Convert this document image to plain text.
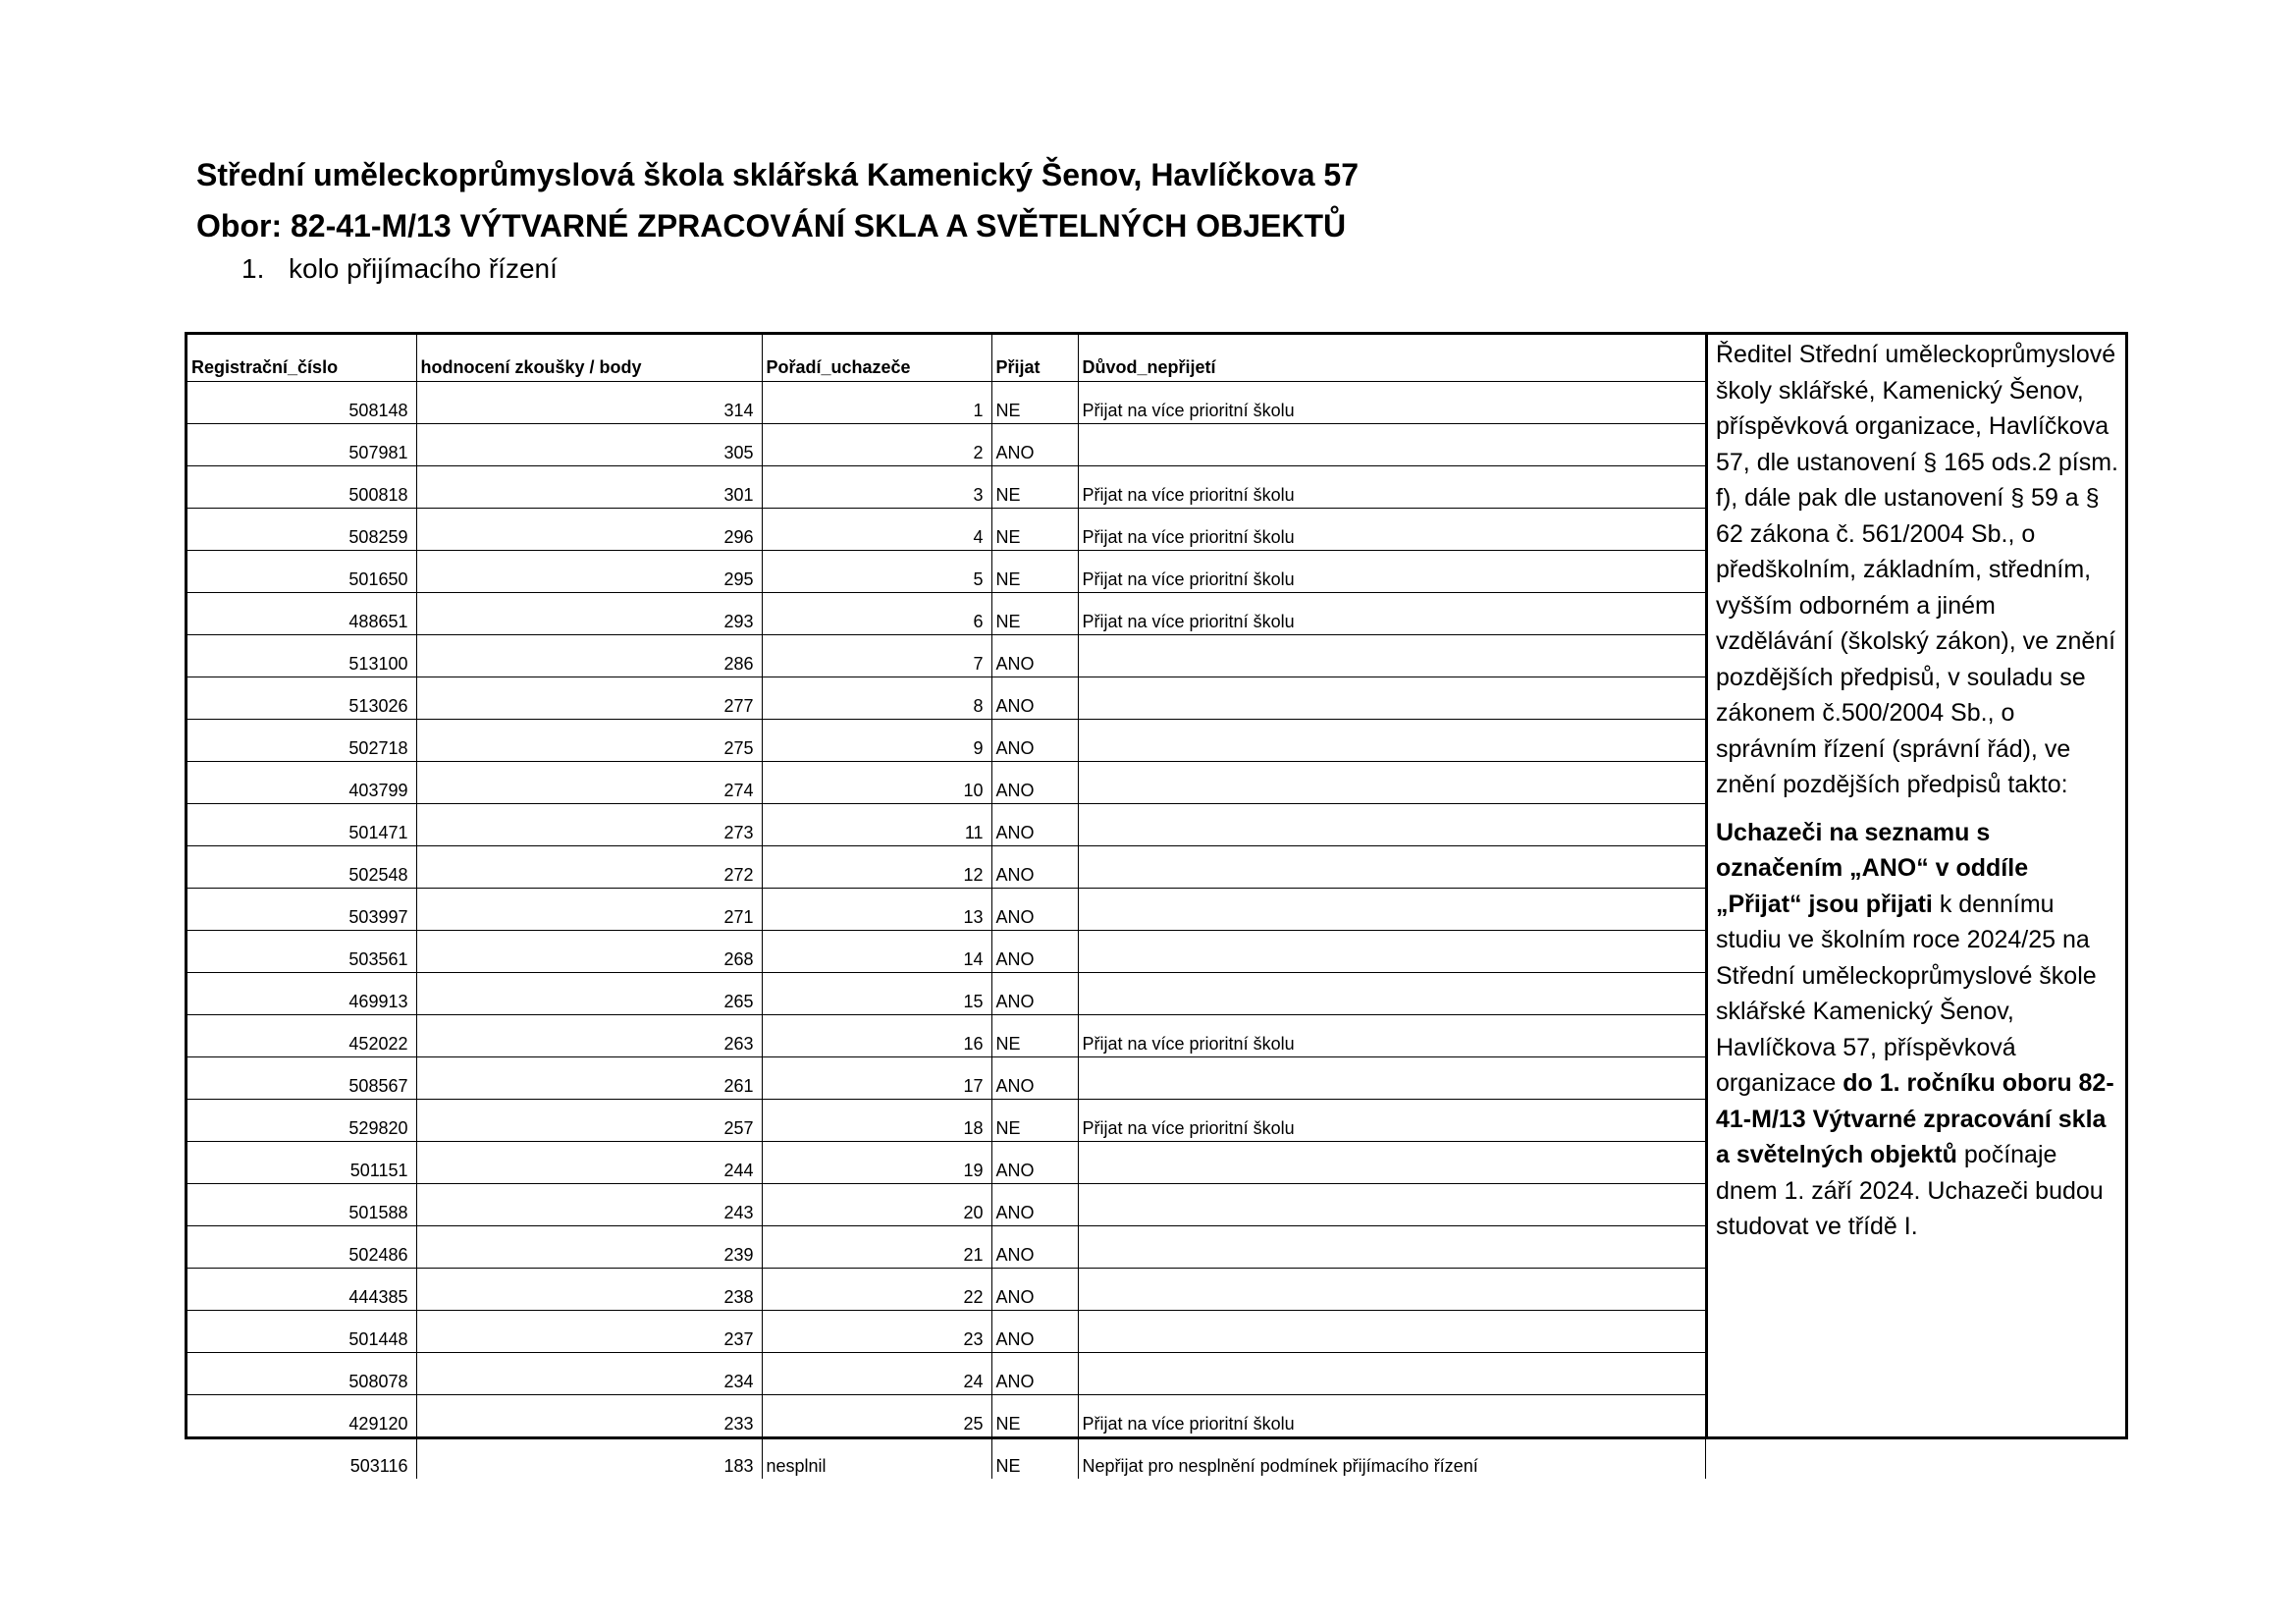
Střední uměleckoprůmyslová škola sklářská Kamenický Šenov, Havlíčkova 57
Obor: 82-41-M/13 VÝTVARNÉ ZPRACOVÁNÍ SKLA A SVĚTELNÝCH OBJEKTŮ
1. kolo přijímacího řízení
Registrační_číslo	hodnocení zkoušky / body	Pořadí_uchazeče	Přijat	Důvod_nepřijetí
508148	314	1	NE	Přijat na více prioritní školu
507981	305	2	ANO	
500818	301	3	NE	Přijat na více prioritní školu
508259	296	4	NE	Přijat na více prioritní školu
501650	295	5	NE	Přijat na více prioritní školu
488651	293	6	NE	Přijat na více prioritní školu
513100	286	7	ANO	
513026	277	8	ANO	
502718	275	9	ANO	
403799	274	10	ANO	
501471	273	11	ANO	
502548	272	12	ANO	
503997	271	13	ANO	
503561	268	14	ANO	
469913	265	15	ANO	
452022	263	16	NE	Přijat na více prioritní školu
508567	261	17	ANO	
529820	257	18	NE	Přijat na více prioritní školu
501151	244	19	ANO	
501588	243	20	ANO	
502486	239	21	ANO	
444385	238	22	ANO	
501448	237	23	ANO	
508078	234	24	ANO	
429120	233	25	NE	Přijat na více prioritní školu
503116	183	nesplnil	NE	Nepřijat pro nesplnění podmínek přijímacího řízení

Ředitel Střední uměleckoprůmyslové školy sklářské, Kamenický Šenov, příspěvková organizace, Havlíčkova 57, dle ustanovení § 165 ods.2 písm. f), dále pak dle ustanovení § 59 a § 62 zákona č. 561/2004 Sb., o předškolním, základním, středním, vyšším odborném a jiném vzdělávání (školský zákon), ve znění pozdějších předpisů, v souladu se zákonem č.500/2004 Sb., o správním řízení (správní řád), ve znění pozdějších předpisů takto:

Uchazeči na seznamu s označením „ANO“ v oddíle „Přijat“ jsou přijati k dennímu studiu ve školním roce 2024/25 na Střední uměleckoprůmyslové škole sklářské Kamenický Šenov, Havlíčkova 57, příspěvková organizace do 1. ročníku oboru 82-41-M/13 Výtvarné zpracování skla a světelných objektů počínaje dnem 1. září 2024. Uchazeči budou studovat ve třídě I.
